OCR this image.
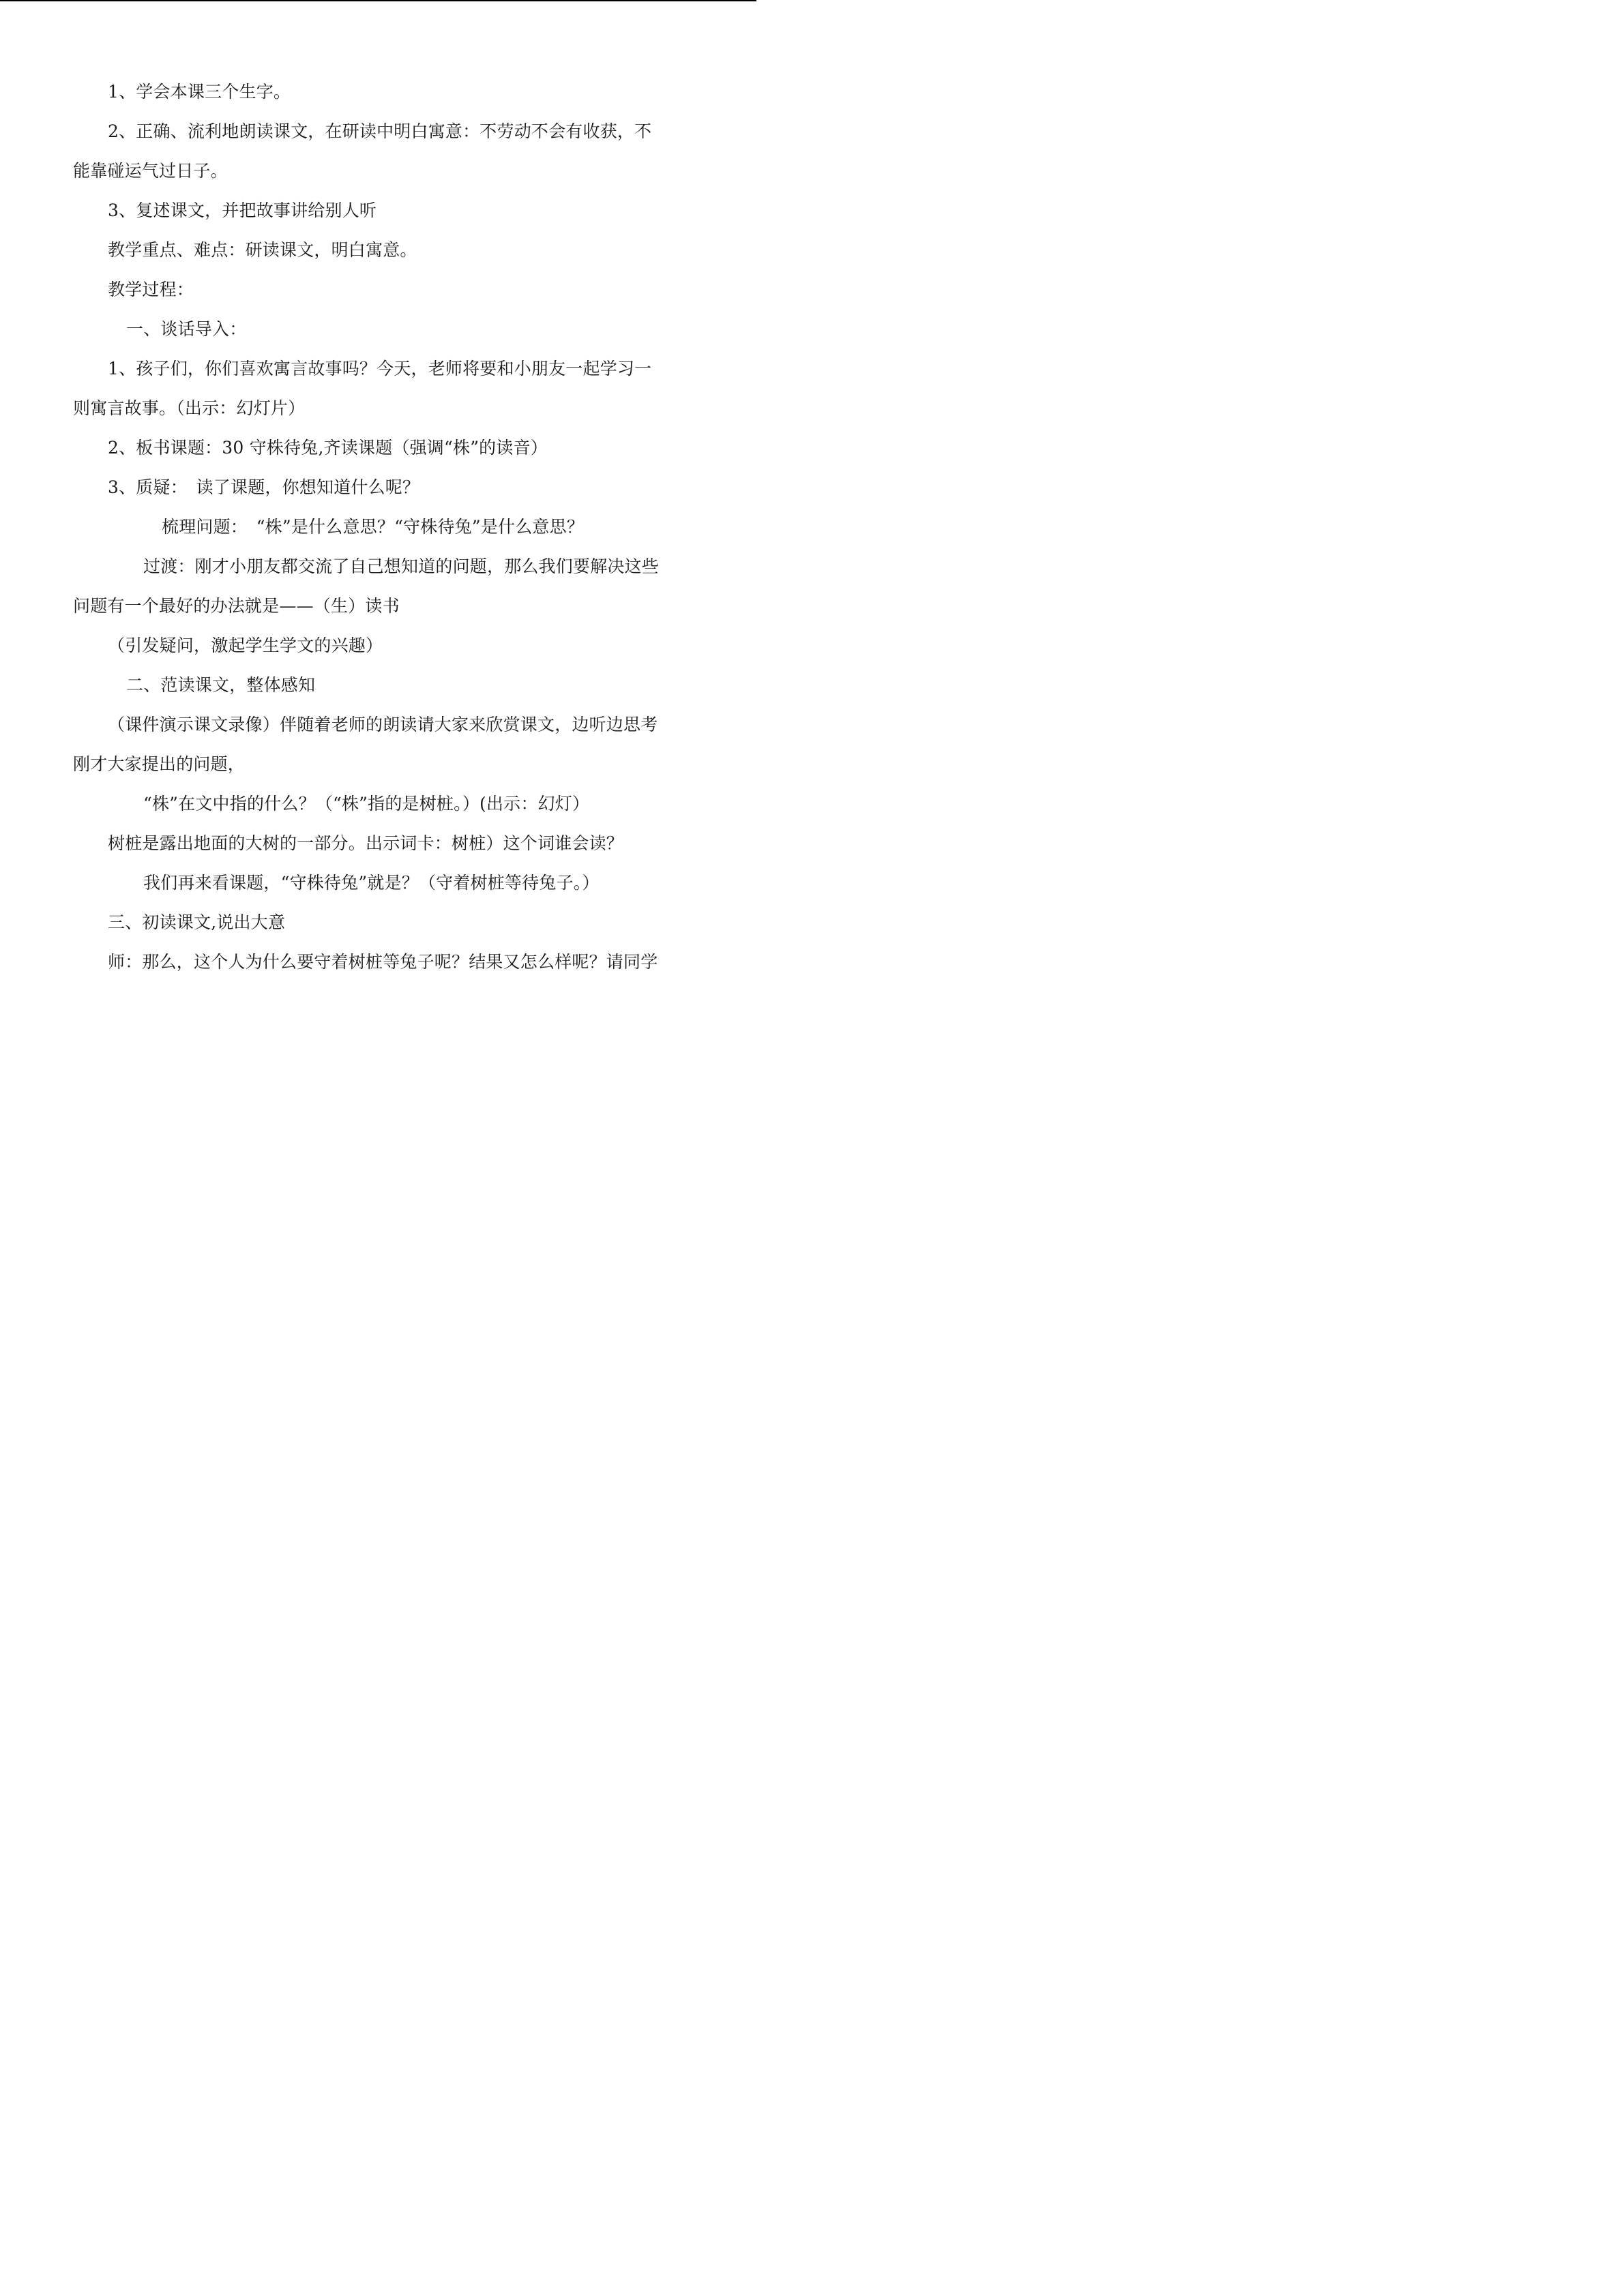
1、学会本课三个生字。
2、正确、流利地朗读课文，在研读中明白寓意：不劳动不会有收获，不
能靠碰运气过日子。
3、复述课文，并把故事讲给别人听
教学重点、难点：研读课文，明白寓意。
教学过程：
一、谈话导入：
1、孩子们，你们喜欢寓言故事吗？今天，老师将要和小朋友一起学习一
则寓言故事。（出示：幻灯片）
2、板书课题：30 守株待兔,齐读课题（强调“株”的读音）
3、质疑：　读了课题，你想知道什么呢？
梳理问题：　“株”是什么意思？“守株待兔”是什么意思？
过渡：刚才小朋友都交流了自己想知道的问题，那么我们要解决这些
问题有一个最好的办法就是——（生）读书
（引发疑问，激起学生学文的兴趣）
二、范读课文，整体感知
（课件演示课文录像）伴随着老师的朗读请大家来欣赏课文，边听边思考
刚才大家提出的问题，
“株”在文中指的什么？（“株”指的是树桩。）(出示：幻灯）
树桩是露出地面的大树的一部分。出示词卡：树桩）这个词谁会读？
我们再来看课题，“守株待兔”就是？（守着树桩等待兔子。）
三、初读课文,说出大意
师：那么，这个人为什么要守着树桩等兔子呢？结果又怎么样呢？请同学
